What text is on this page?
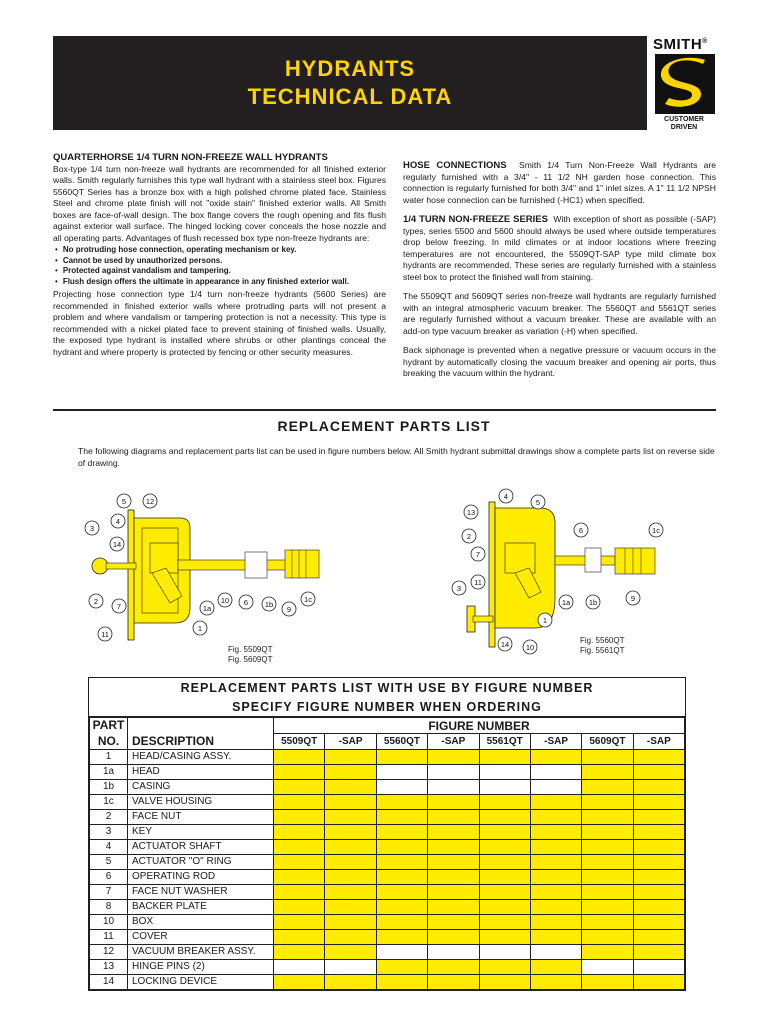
HYDRANTS
TECHNICAL DATA
SMITH®
CUSTOMER
DRIVEN
QUARTERHORSE 1/4 TURN NON-FREEZE WALL HYDRANTS
Box-type 1/4 turn non-freeze wall hydrants are recommended for all finished exterior walls. Smith regularly furnishes this type wall hydrant with a stainless steel box. Figures 5560QT Series has a bronze box with a high polished chrome plated face. Stainless Steel and chrome plate finish will not "oxide stain" finished exterior walls. All Smith boxes are face-of-wall design. The box flange covers the rough opening and fits flush against exterior wall surface. The hinged locking cover conceals the hose nozzle and all operating parts. Advantages of flush recessed box type non-freeze hydrants are:
• No protruding hose connection, operating mechanism or key.
• Cannot be used by unauthorized persons.
• Protected against vandalism and tampering.
• Flush design offers the ultimate in appearance in any finished exterior wall.

Projecting hose connection type 1/4 turn non-freeze hydrants (5600 Series) are recommended in finished exterior walls where protruding parts will not present a problem and where vandalism or tampering protection is not a necessity. This type is recommended with a nickel plated face to prevent staining of finished walls. Usually, the exposed type hydrant is installed where shrubs or other plantings conceal the hydrant and where property is protected by fencing or other security measures.

HOSE CONNECTIONS Smith 1/4 Turn Non-Freeze Wall Hydrants are regularly furnished with a 3/4" - 11 1/2 NH garden hose connection. This connection is regularly furnished for both 3/4" and 1" inlet sizes. A 1" 11 1/2 NPSH water hose connection can be furnished (-HC1) when specified.

1/4 TURN NON-FREEZE SERIES With exception of short as possible (-SAP) types, series 5500 and 5600 should always be used where outside temperatures drop below freezing. In mild climates or at indoor locations where freezing temperatures are not encountered, the 5509QT-SAP type mild climate box hydrants are recommended. These series are regularly furnished with a stainless steel box to protect the finished wall from staining.

The 5509QT and 5609QT series non-freeze wall hydrants are regularly furnished with an integral atmospheric vacuum breaker. The 5560QT and 5561QT series are regularly furnished without a vacuum breaker. These are available with an add-on type vacuum breaker as variation (-H) when specified.

Back siphonage is prevented when a negative pressure or vacuum occurs in the hydrant by automatically closing the vacuum breaker and opening air ports, thus breaking the vacuum within the hydrant.

REPLACEMENT PARTS LIST
The following diagrams and replacement parts list can be used in figure numbers below. All Smith hydrant submittal drawings show a complete parts list on reverse side of drawing.
5	12
4
3
14
2
7	1a
10 6 1b
9
1c
11
1
Fig. 5509QT
Fig. 5609QT
4
5
13
6	1c
2
7
3
11
1a 1b	9
1
14 10
Fig. 5560QT
Fig. 5561QT
REPLACEMENT PARTS LIST WITH USE BY FIGURE NUMBER
SPECIFY FIGURE NUMBER WHEN ORDERING
PART		FIGURE NUMBER							
NO.	DESCRIPTION	5509QT	-SAP	5560QT	-SAP	5561QT	-SAP	5609QT	-SAP
1	HEAD/CASING ASSY.								
1a	HEAD								
1b	CASING								
1c	VALVE HOUSING								
2	FACE NUT								
3	KEY								
4	ACTUATOR SHAFT								
5	ACTUATOR "O" RING								
6	OPERATING ROD								
7	FACE NUT WASHER								
8	BACKER PLATE								
10	BOX								
11	COVER								
12	VACUUM BREAKER ASSY.								
13	HINGE PINS (2)								
14	LOCKING DEVICE								
